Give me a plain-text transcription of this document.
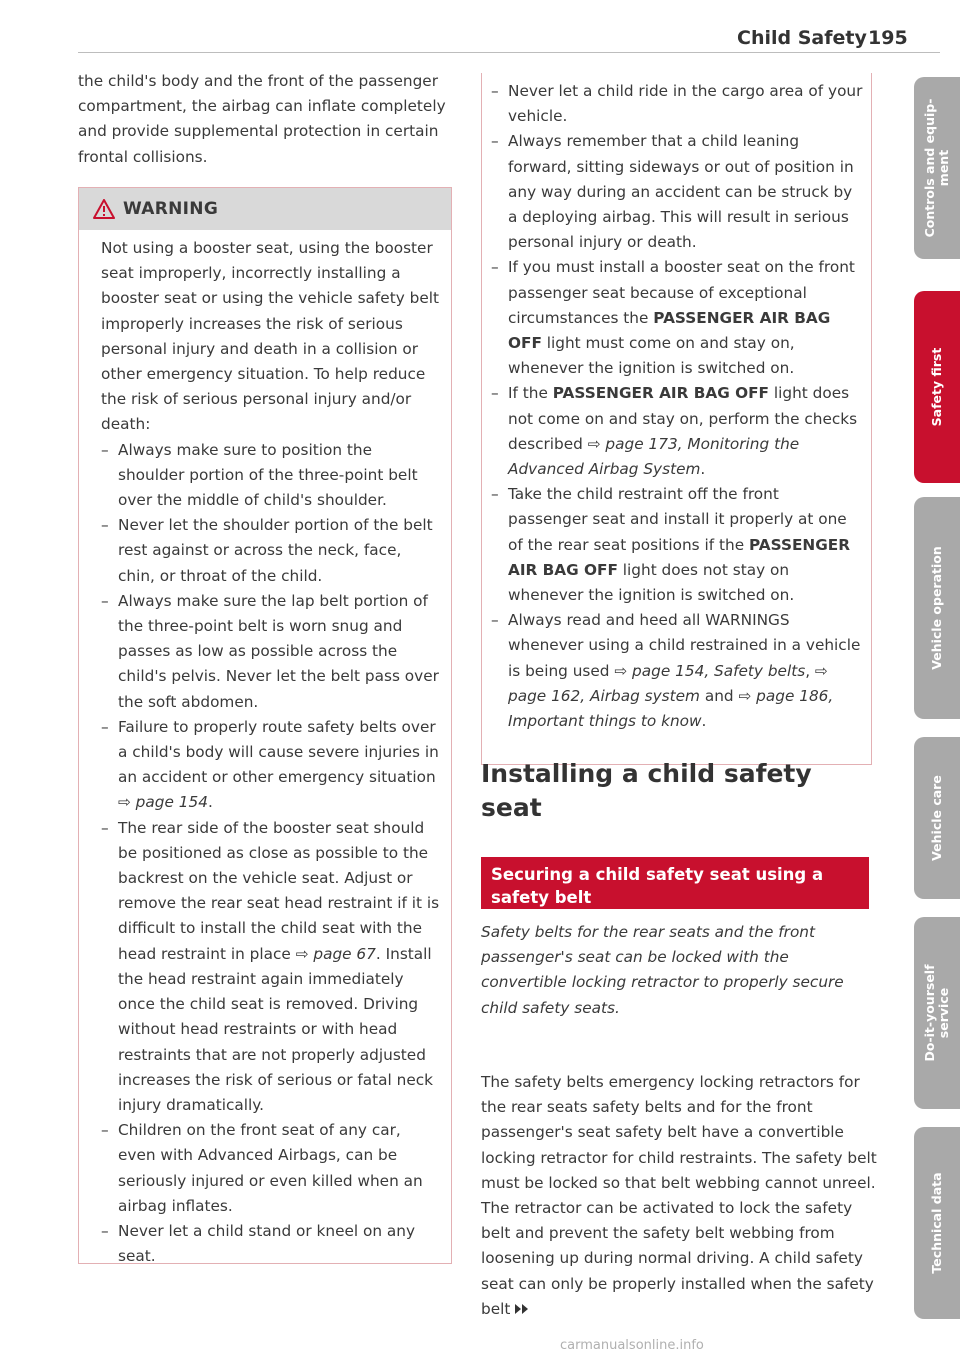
Child Safety 195

the child's body and the front of the passenger compartment, the airbag can inflate completely and provide supplemental protection in certain frontal collisions.

WARNING

Not using a booster seat, using the booster seat improperly, incorrectly installing a booster seat or using the vehicle safety belt improperly increases the risk of serious personal injury and death in a collision or other emergency situation. To help reduce the risk of serious personal injury and/or death:

– Always make sure to position the shoulder portion of the three-point belt over the middle of child's shoulder.

– Never let the shoulder portion of the belt rest against or across the neck, face, chin, or throat of the child.

– Always make sure the lap belt portion of the three-point belt is worn snug and passes as low as possible across the child's pelvis. Never let the belt pass over the soft abdomen.

– Failure to properly route safety belts over a child's body will cause severe injuries in an accident or other emergency situation ⇨ page 154.

– The rear side of the booster seat should be positioned as close as possible to the backrest on the vehicle seat. Adjust or remove the rear seat head restraint if it is difficult to install the child seat with the head restraint in place ⇨ page 67. Install the head restraint again immediately once the child seat is removed. Driving without head restraints or with head restraints that are not properly adjusted increases the risk of serious or fatal neck injury dramatically.

– Children on the front seat of any car, even with Advanced Airbags, can be seriously injured or even killed when an airbag inflates.

– Never let a child stand or kneel on any seat.

– Never let a child ride in the cargo area of your vehicle.

– Always remember that a child leaning forward, sitting sideways or out of position in any way during an accident can be struck by a deploying airbag. This will result in serious personal injury or death.

– If you must install a booster seat on the front passenger seat because of exceptional circumstances the PASSENGER AIR BAG OFF light must come on and stay on, whenever the ignition is switched on.

– If the PASSENGER AIR BAG OFF light does not come on and stay on, perform the checks described ⇨ page 173, Monitoring the Advanced Airbag System.

– Take the child restraint off the front passenger seat and install it properly at one of the rear seat positions if the PASSENGER AIR BAG OFF light does not stay on whenever the ignition is switched on.

– Always read and heed all WARNINGS whenever using a child restrained in a vehicle is being used ⇨ page 154, Safety belts, ⇨ page 162, Airbag system and ⇨ page 186, Important things to know.

Installing a child safety seat
Securing a child safety seat using a safety belt
Safety belts for the rear seats and the front passenger's seat can be locked with the convertible locking retractor to properly secure child safety seats.
The safety belts emergency locking retractors for the rear seats safety belts and for the front passenger's seat safety belt have a convertible locking retractor for child restraints. The safety belt must be locked so that belt webbing cannot unreel. The retractor can be activated to lock the safety belt and prevent the safety belt webbing from loosening up during normal driving. A child safety seat can only be properly installed when the safety belt
Controls and equip-
ment
Safety first
Vehicle operation
Vehicle care
Do-it-yourself
service
Technical data
carmanualsonline.info
